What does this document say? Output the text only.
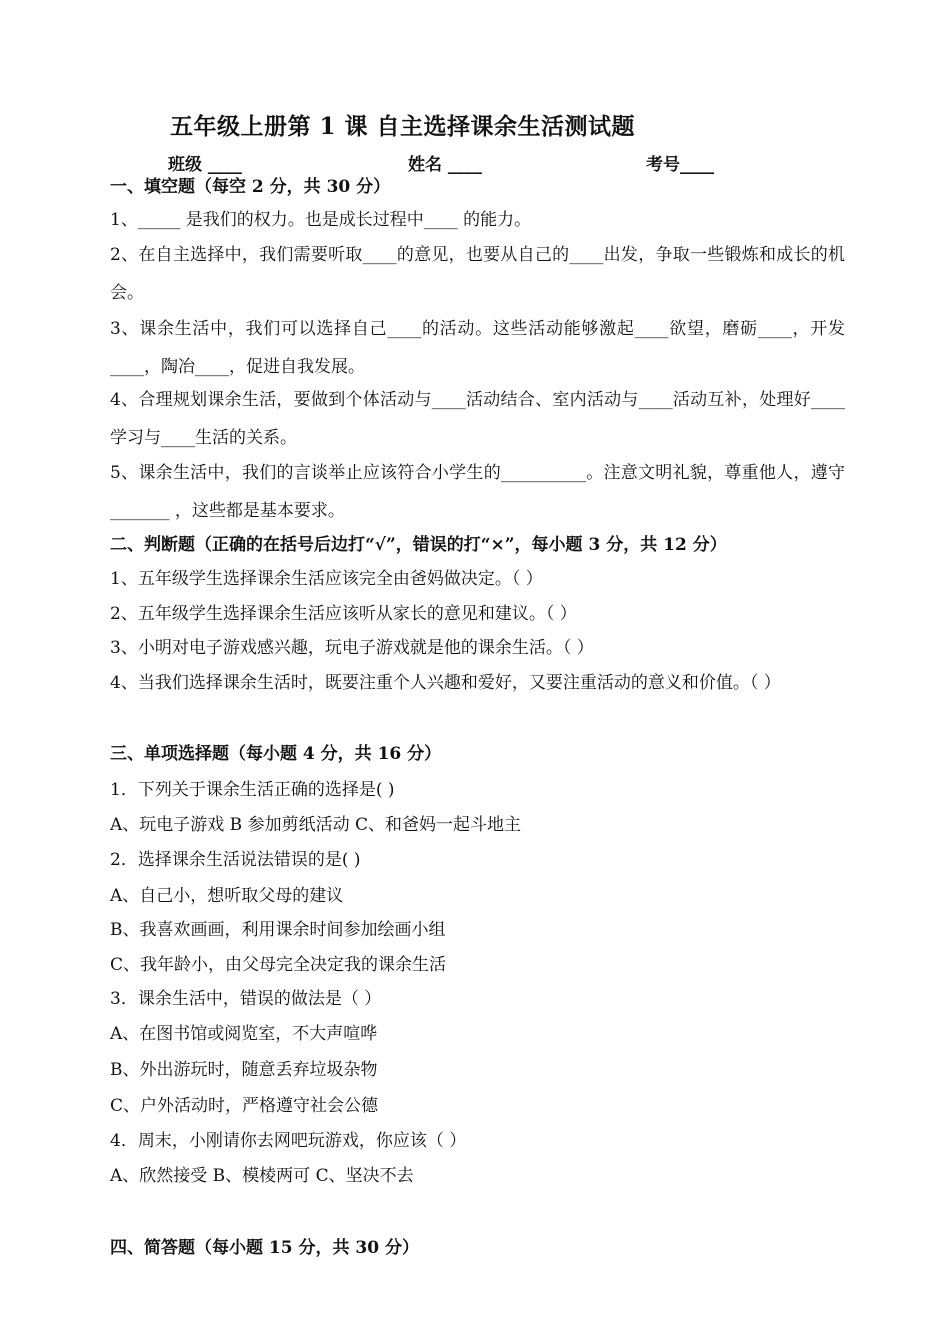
五年级上册第 1 课 自主选择课余生活测试题
班级 ____	姓名 ____	考号____
一、填空题（每空 2 分，共 30 分）
1、_____ 是我们的权力。也是成长过程中____ 的能力。
2、在自主选择中，我们需要听取____的意见，也要从自己的____出发，争取一些锻炼和成长的机会。
3、课余生活中，我们可以选择自己____的活动。这些活动能够激起____欲望，磨砺____，开发____，陶冶____，促进自我发展。
4、合理规划课余生活，要做到个体活动与____活动结合、室内活动与____活动互补，处理好____学习与____生活的关系。
5、课余生活中，我们的言谈举止应该符合小学生的__________。注意文明礼貌，尊重他人，遵守_______ ，这些都是基本要求。
二、判断题（正确的在括号后边打“√”，错误的打“×”，每小题 3 分，共 12 分）
1、五年级学生选择课余生活应该完全由爸妈做决定。（ ）
2、五年级学生选择课余生活应该听从家长的意见和建议。（ ）
3、小明对电子游戏感兴趣，玩电子游戏就是他的课余生活。（ ）
4、当我们选择课余生活时，既要注重个人兴趣和爱好，又要注重活动的意义和价值。（ ）
三、单项选择题（每小题 4 分，共 16 分）
1．下列关于课余生活正确的选择是( )
A、玩电子游戏 B 参加剪纸活动 C、和爸妈一起斗地主
2．选择课余生活说法错误的是( )
A、自己小，想听取父母的建议
B、我喜欢画画，利用课余时间参加绘画小组
C、我年龄小，由父母完全决定我的课余生活
3．课余生活中，错误的做法是（ ）
A、在图书馆或阅览室，不大声喧哗
B、外出游玩时，随意丢弃垃圾杂物
C、户外活动时，严格遵守社会公德
4．周末，小刚请你去网吧玩游戏，你应该（ ）
A、欣然接受 B、模棱两可 C、坚决不去
四、简答题（每小题 15 分，共 30 分）
